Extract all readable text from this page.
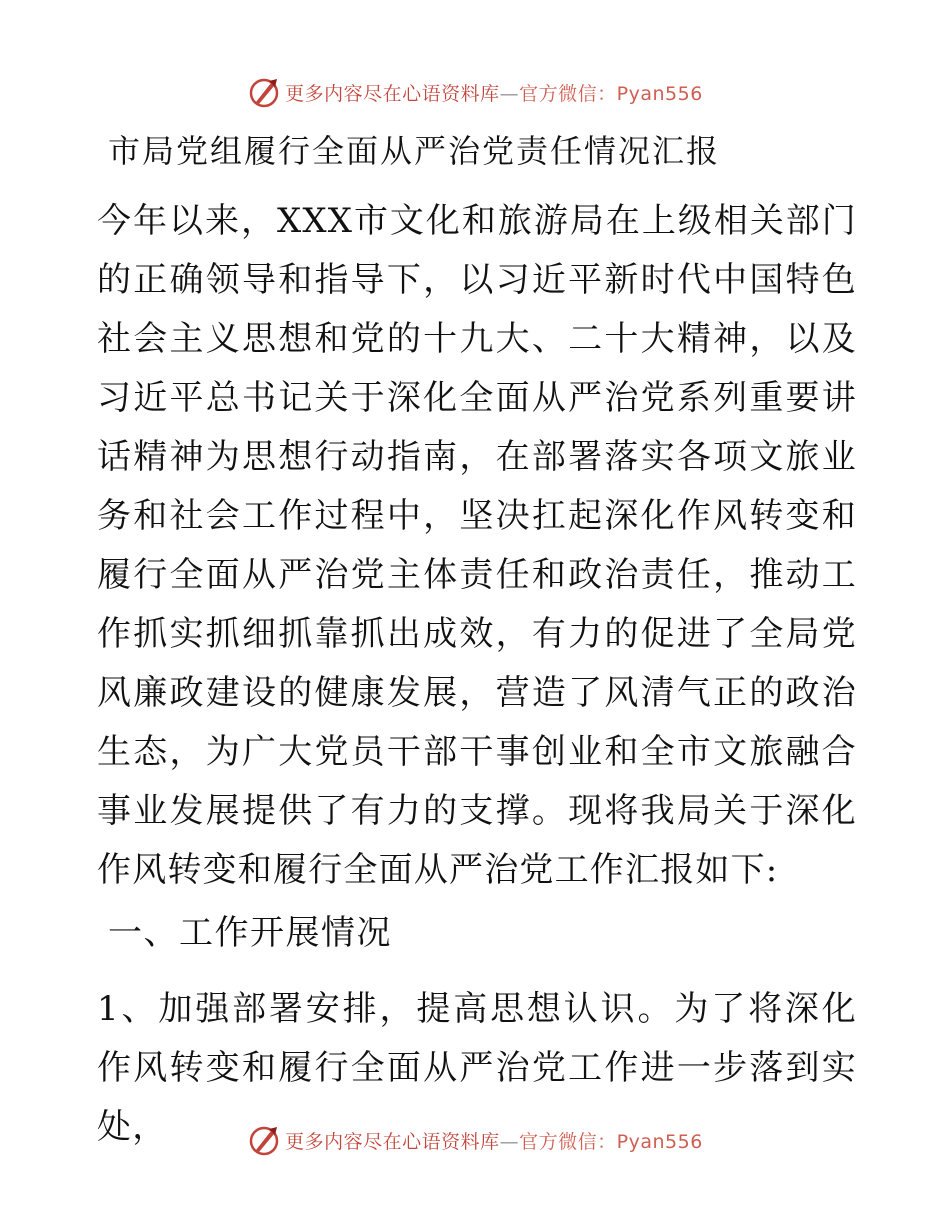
更多内容尽在心语资料库—官方微信：Pyan556
市局党组履行全面从严治党责任情况汇报

今年以来，XXX市文化和旅游局在上级相关部门的正确领导和指导下，以习近平新时代中国特色社会主义思想和党的十九大、二十大精神，以及习近平总书记关于深化全面从严治党系列重要讲话精神为思想行动指南，在部署落实各项文旅业务和社会工作过程中，坚决扛起深化作风转变和履行全面从严治党主体责任和政治责任，推动工作抓实抓细抓靠抓出成效，有力的促进了全局党风廉政建设的健康发展，营造了风清气正的政治生态，为广大党员干部干事创业和全市文旅融合事业发展提供了有力的支撑。现将我局关于深化作风转变和履行全面从严治党工作汇报如下:

一、工作开展情况

1、加强部署安排，提高思想认识。为了将深化作风转变和履行全面从严治党工作进一步落到实处，	更多内容尽在心语资料库—官方微信：Pyan556
